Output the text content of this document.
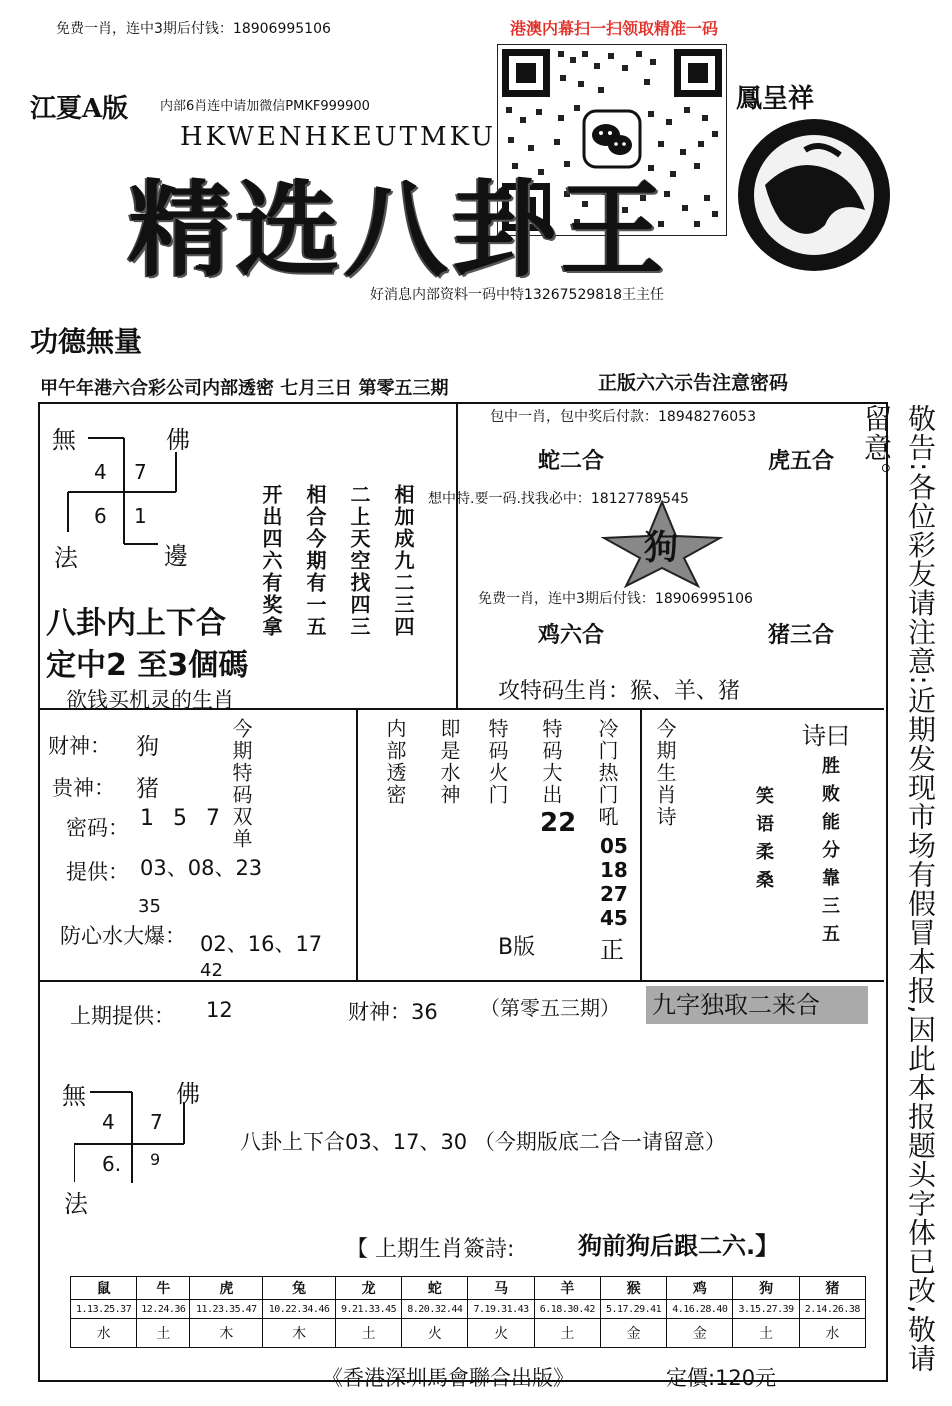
免费一肖，连中3期后付钱：18906995106	港澳内幕扫一扫领取精准一码
江夏A版 内部6肖连中请加微信PMKF999900	鳳呈祥
HKWENHKEUTMKU
精选八卦王
好消息内部资料一码中特13267529818王主任
功德無量
甲午年港六合彩公司内部透密 七月三日 第零五三期	正版六六示告注意密码
敬告:各位彩友请注意:近期发现市场有假冒本报,因此本报题头字体已改,敬请留意。
無	佛
4 7
6 1
法	邊	相加成九二三四
二上天空找四三
相合今期有一五
开出四六有奖拿
八卦内上下合
定中2 至3個碼
欲钱买机灵的生肖
包中一肖，包中奖后付款：18948276053
蛇二合	虎五合
想中特.要一码.找我必中：18127789545
狗
免费一肖，连中3期后付钱：18906995106
鸡六合	猪三合
攻特码生肖：猴、羊、猪
财神： 狗
贵神： 猪
密码： 1 5 7
提供： 03、08、23
35
防心水大爆： 02、16、17
42
今期特码双单	内部透密 即是水神 特码火门 特码大出
22 冷门热门吼
05
18
27
45
B版	正
今期生肖诗	诗曰
胜败能分靠三五
笑语柔桑
上期提供： 12	财神：36 （第零五三期） 九字独取二来合
無	佛
4 7
6. 9
法
八卦上下合03、17、30 （今期版底二合一请留意）
【 上期生肖簽詩:	狗前狗后跟二六.】
鼠	牛	虎	兔	龙	蛇	马	羊	猴	鸡	狗	猪
1.13.25.37	12.24.36	11.23.35.47	10.22.34.46	9.21.33.45	8.20.32.44	7.19.31.43	6.18.30.42	5.17.29.41	4.16.28.40	3.15.27.39	2.14.26.38
水	土	木	木	土	火	火	土	金	金	土	水
《香港深圳馬會聯合出版》	定價:120元
